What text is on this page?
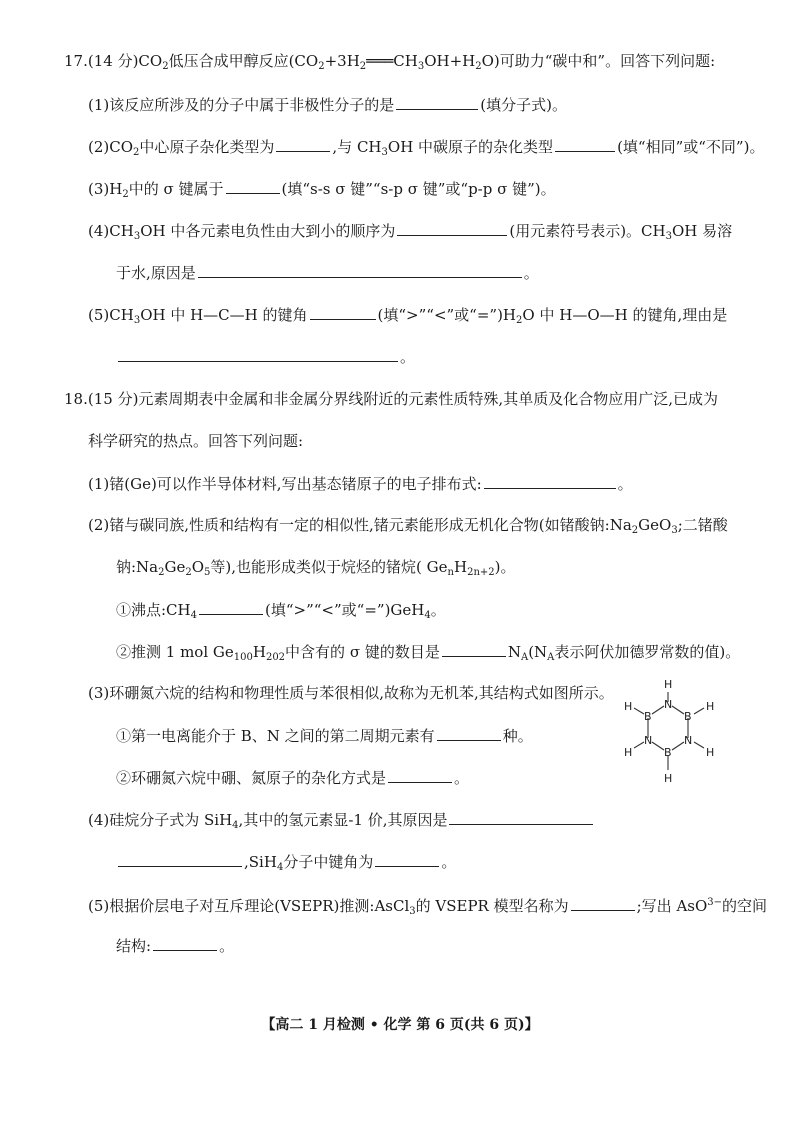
17.(14 分)$CO_2$低压合成甲醇反应$(CO_2+3H_2═══CH_3OH+H_2O)$可助力“碳中和”。回答下列问题:
(1)该反应所涉及的分子中属于非极性分子的是	(填分子式)。
$(2)CO_2$中心原子杂化类型为	,与 $CH_3OH$ 中碳原子的杂化类型	(填“相同”或“不同”)。
$(3)H_2$中的 σ 键属于	(填“s-s σ 键”“s-p σ 键”或“p-p σ 键”)。
$(4)CH_3OH$ 中各元素电负性由大到小的顺序为	(用元素符号表示)。$CH_3OH$ 易溶
于水,原因是	。
$(5)CH_3OH$ 中 H—C—H 的键角	(填“>”“<”或“$=”)H_2O$ 中 H—O—H 的键角,理由是
。
18.(15 分)元素周期表中金属和非金属分界线附近的元素性质特殊,其单质及化合物应用广泛,已成为
科学研究的热点。回答下列问题:
(1)锗(Ge)可以作半导体材料,写出基态锗原子的电子排布式:	。
(2)锗与碳同族,性质和结构有一定的相似性,锗元素能形成无机化合物(如锗酸钠$:Na_2GeO_3$;二锗酸
钠$:Na_2Ge_2O_5$等),也能形成类似于烷烃的锗烷( $Ge_nH_{2n+2}$)。
①沸点$:CH_4$	(填“>”“<”或“=”)GeH$_4$。
②推测 1 mol $Ge_{100}H_{202}$中含有的 σ 键的数目是	$N_A(N_A$表示阿伏加德罗常数的值)。
(3)环硼氮六烷的结构和物理性质与苯很相似,故称为无机苯,其结构式如图所示。
①第一电离能介于 B、N 之间的第二周期元素有	种。
②环硼氮六烷中硼、氮原子的杂化方式是	。
H
N
B	B
N	N
B
H
H	H
H	H
(4)硅烷分子式为 SiH$_4$,其中的氢元素显-1 价,其原因是
,SiH$_4$分子中键角为	。
(5)根据价层电子对互斥理论(VSEPR)推测:AsCl$_3$的 VSEPR 模型名称为	;写出 AsO$^{3-}$的空间
结构:	。
【高二 1 月检测 • 化学 第 6 页(共 6 页)】
